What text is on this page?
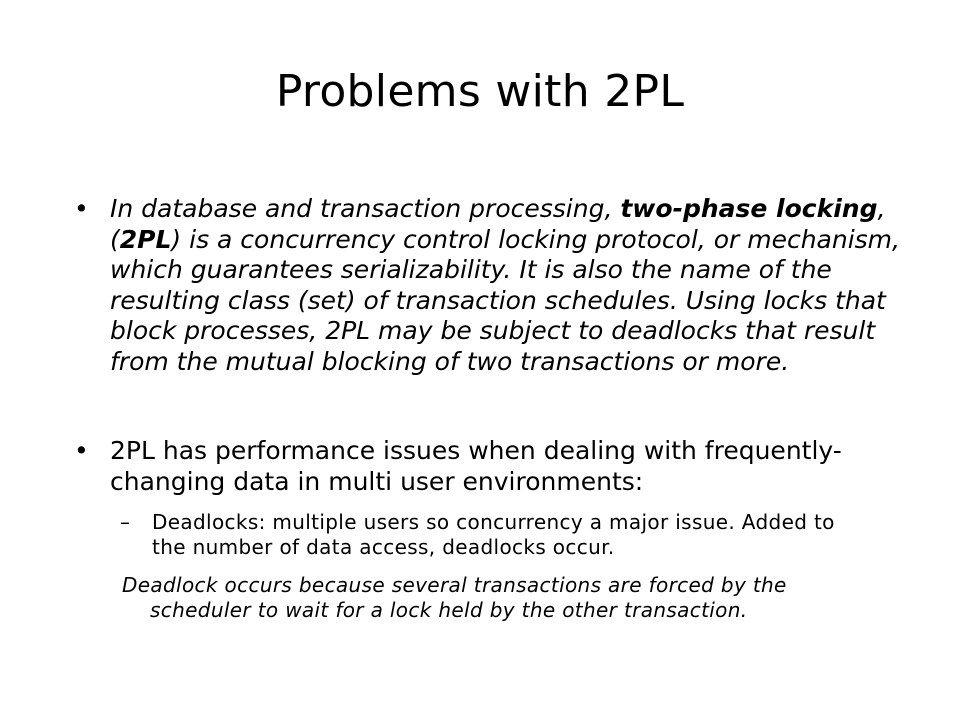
Problems with 2PL
• In database and transaction processing, two-phase locking, (2PL) is a concurrency control locking protocol, or mechanism, which guarantees serializability. It is also the name of the resulting class (set) of transaction schedules. Using locks that block processes, 2PL may be subject to deadlocks that result from the mutual blocking of two transactions or more.
• 2PL has performance issues when dealing with frequently-changing data in multi user environments:
– Deadlocks: multiple users so concurrency a major issue. Added to the number of data access, deadlocks occur.
Deadlock occurs because several transactions are forced by the
scheduler to wait for a lock held by the other transaction.
